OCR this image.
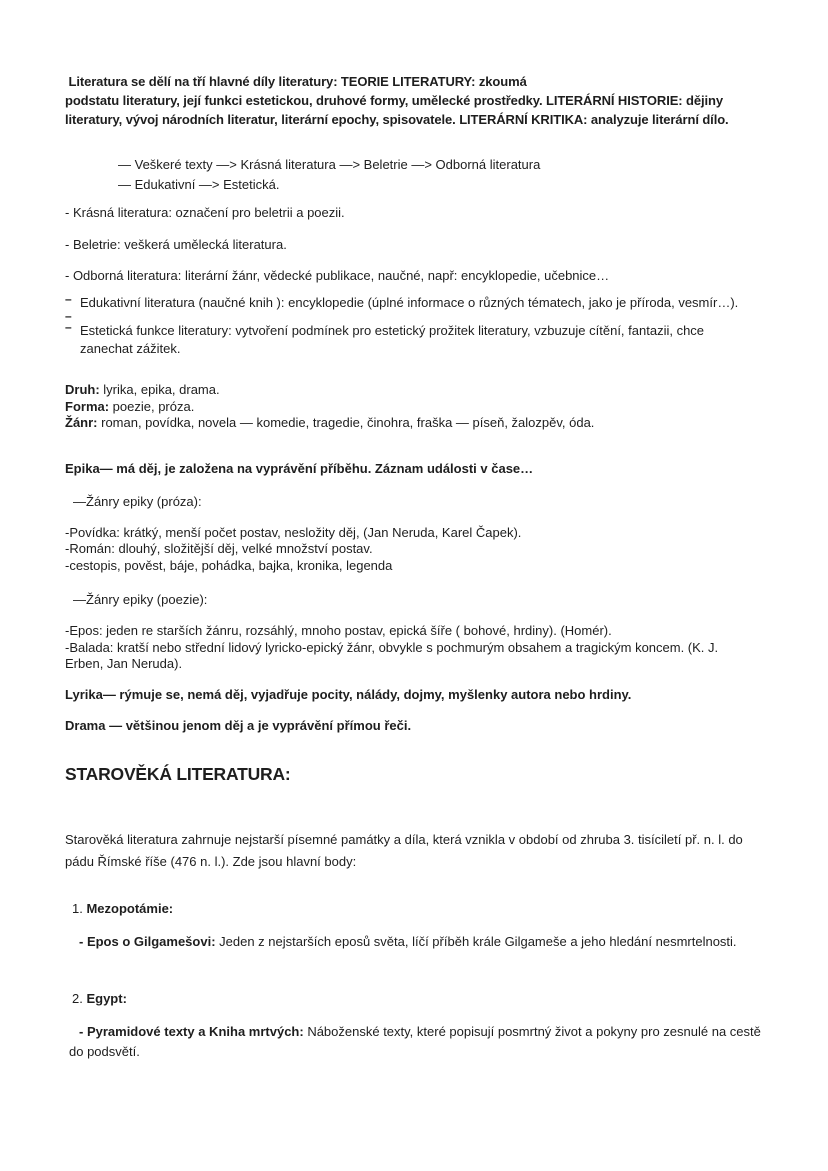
Literatura se dělí na tří hlavné díly literatury: TEORIE LITERATURY: zkoumá
podstatu literatury, její funkci estetickou, druhové formy, umělecké prostředky. LITERÁRNÍ HISTORIE: dějiny
literatury, vývoj národních literatur, literární epochy, spisovatele. LITERÁRNÍ KRITIKA: analyzuje literární dílo.
— Veškeré texty —> Krásná literatura —> Beletrie —> Odborná literatura
— Edukativní —> Estetická.
- Krásná literatura: označení pro beletrii a poezii.
- Beletrie: veškerá umělecká literatura.
- Odborná literatura: literární žánr, vědecké publikace, naučné, např: encyklopedie, učebnice…
– Edukativní literatura (naučné knih ): encyklopedie (úplné informace o různých tématech, jako je příroda, vesmír…).
–
– Estetická funkce literatury: vytvoření podmínek pro estetický prožitek literatury, vzbuzuje cítění, fantazii, chce
zanechat zážitek.
Druh: lyrika, epika, drama.
Forma: poezie, próza.
Žánr: roman, povídka, novela — komedie, tragedie, činohra, fraška — píseň, žalozpěv, óda.
Epika— má děj, je založena na vyprávění příběhu. Záznam události v čase…
—Žánry epiky (próza):
-Povídka: krátký, menší počet postav, nesložity děj, (Jan Neruda, Karel Čapek).
-Román: dlouhý, složitější děj, velké množství postav.
-cestopis, pověst, báje, pohádka, bajka, kronika, legenda
—Žánry epiky (poezie):
-Epos: jeden re starších žánru, rozsáhlý, mnoho postav, epická šíře ( bohové, hrdiny). (Homér).
-Balada: kratší nebo střední lidový lyricko-epický žánr, obvykle s pochmurým obsahem a tragickým koncem. (K. J.
Erben, Jan Neruda).
Lyrika— rýmuje se, nemá děj, vyjadřuje pocity, nálády, dojmy, myšlenky autora nebo hrdiny.
Drama — většinou jenom děj a je vyprávění přímou řeči.
STAROVĚKÁ LITERATURA:
Starověká literatura zahrnuje nejstarší písemné památky a díla, která vznikla v období od zhruba 3. tisíciletí př. n. l. do
pádu Římské říše (476 n. l.). Zde jsou hlavní body:
1. Mezopotámie:
- Epos o Gilgamešovi: Jeden z nejstarších eposů světa, líčí příběh krále Gilgameše a jeho hledání nesmrtelnosti.
2. Egypt:
- Pyramidové texty a Kniha mrtvých: Náboženské texty, které popisují posmrtný život a pokyny pro zesnulé na cestě
do podsvětí.
